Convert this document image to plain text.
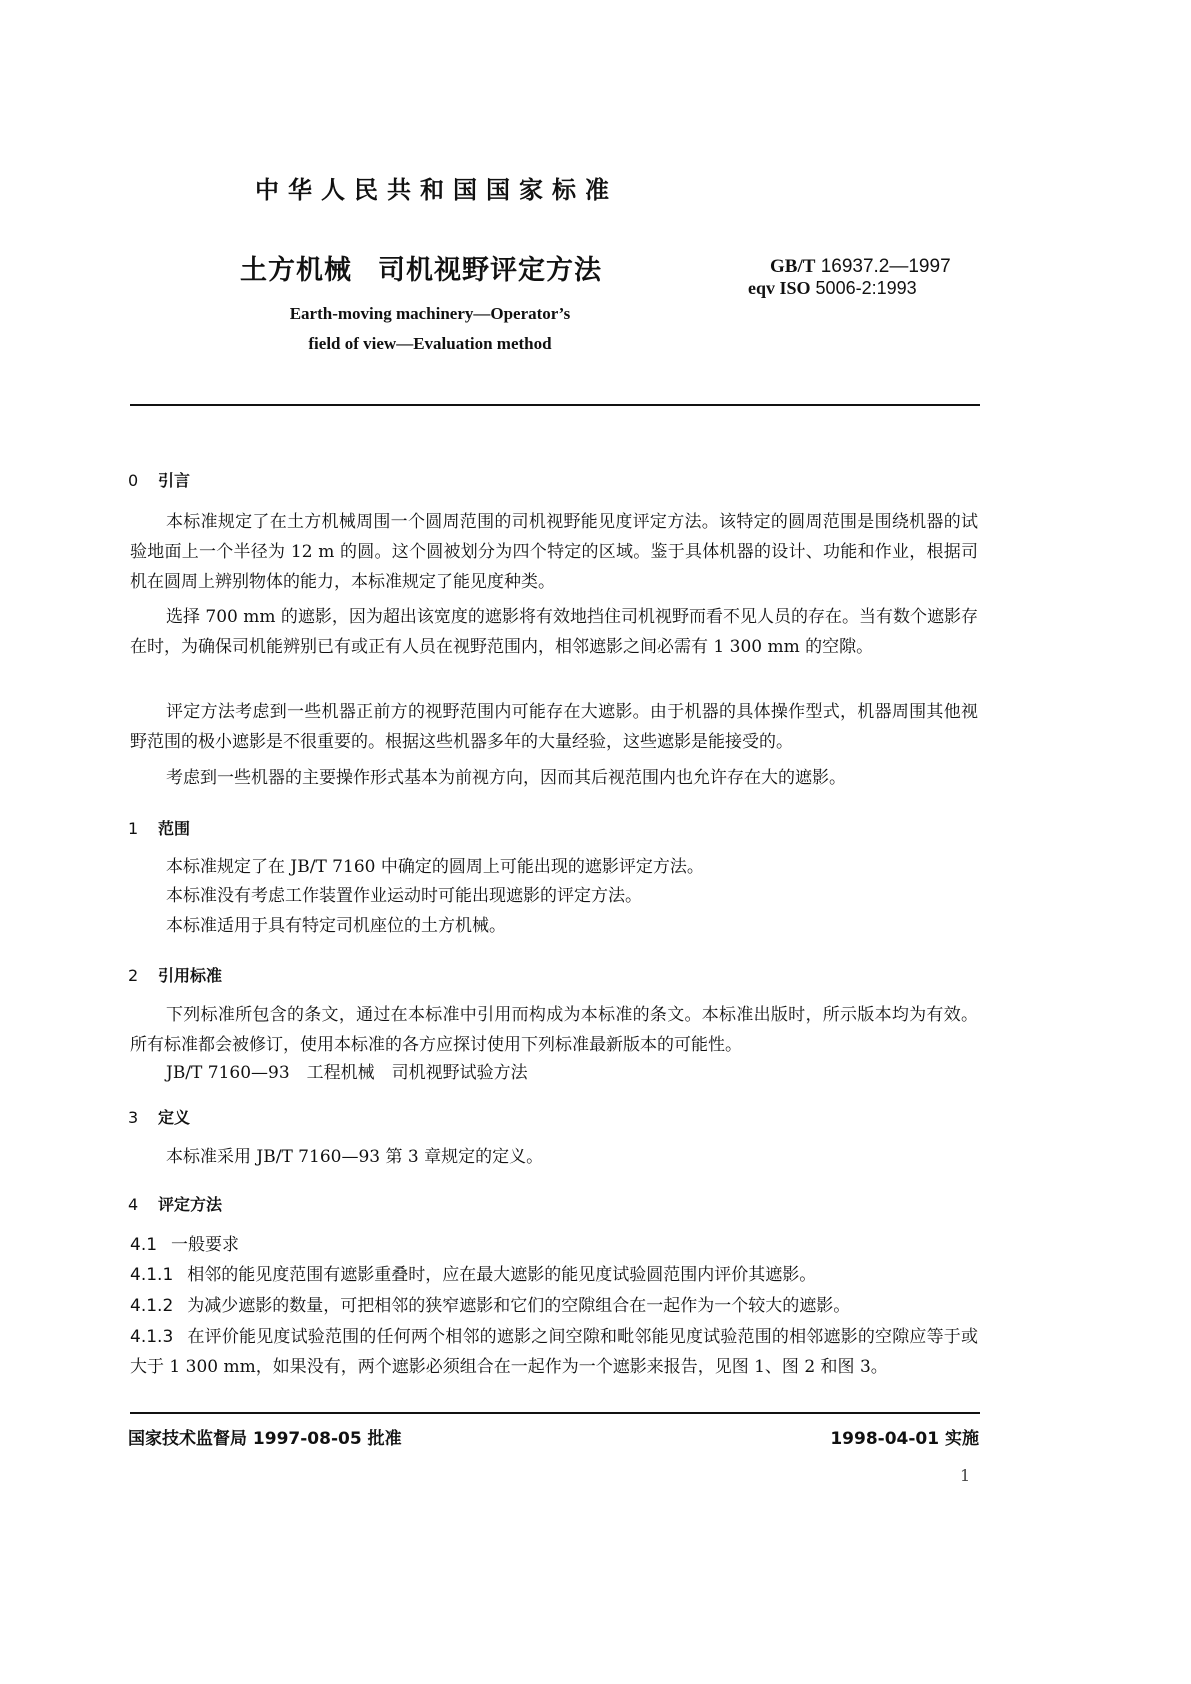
中华人民共和国国家标准
土方机械 司机视野评定方法	GB/T 16937.2—1997
eqv ISO 5006-2:1993
Earth-moving machinery—Operator’s
field of view—Evaluation method
0 引言
本标准规定了在土方机械周围一个圆周范围的司机视野能见度评定方法。该特定的圆周范围是围绕机器的试验地面上一个半径为 12 m 的圆。这个圆被划分为四个特定的区域。鉴于具体机器的设计、功能和作业，根据司机在圆周上辨别物体的能力，本标准规定了能见度种类。
选择 700 mm 的遮影，因为超出该宽度的遮影将有效地挡住司机视野而看不见人员的存在。当有数个遮影存在时，为确保司机能辨别已有或正有人员在视野范围内，相邻遮影之间必需有 1 300 mm 的空隙。
评定方法考虑到一些机器正前方的视野范围内可能存在大遮影。由于机器的具体操作型式，机器周围其他视野范围的极小遮影是不很重要的。根据这些机器多年的大量经验，这些遮影是能接受的。
考虑到一些机器的主要操作形式基本为前视方向，因而其后视范围内也允许存在大的遮影。
1 范围
本标准规定了在 JB/T 7160 中确定的圆周上可能出现的遮影评定方法。
本标准没有考虑工作装置作业运动时可能出现遮影的评定方法。
本标准适用于具有特定司机座位的土方机械。
2 引用标准
下列标准所包含的条文，通过在本标准中引用而构成为本标准的条文。本标准出版时，所示版本均为有效。所有标准都会被修订，使用本标准的各方应探讨使用下列标准最新版本的可能性。
JB/T 7160—93　工程机械　司机视野试验方法
3 定义
本标准采用 JB/T 7160—93 第 3 章规定的定义。
4 评定方法
4.1 一般要求
4.1.1 相邻的能见度范围有遮影重叠时，应在最大遮影的能见度试验圆范围内评价其遮影。
4.1.2 为减少遮影的数量，可把相邻的狭窄遮影和它们的空隙组合在一起作为一个较大的遮影。
4.1.3 在评价能见度试验范围的任何两个相邻的遮影之间空隙和毗邻能见度试验范围的相邻遮影的空隙应等于或大于 1 300 mm，如果没有，两个遮影必须组合在一起作为一个遮影来报告，见图 1、图 2 和图 3。
国家技术监督局 1997-08-05 批准	1998-04-01 实施
1
